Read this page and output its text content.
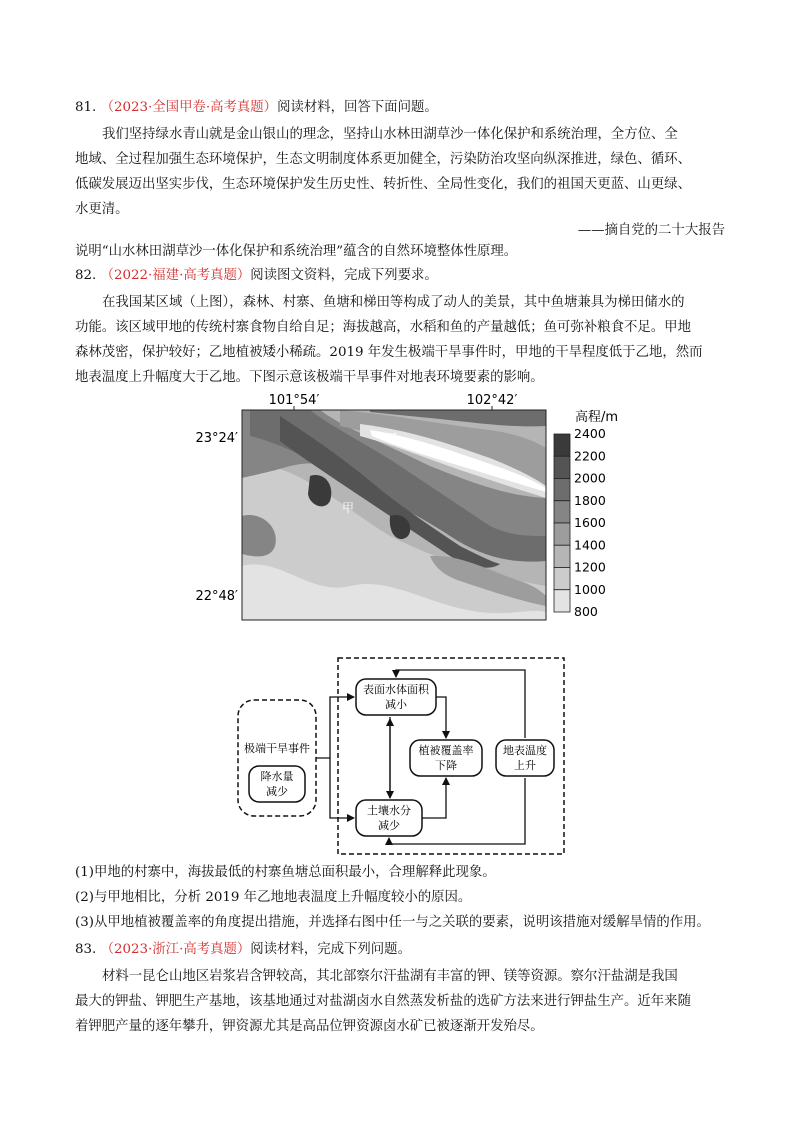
81. （2023·全国甲卷·高考真题）阅读材料，回答下面问题。
我们坚持绿水青山就是金山银山的理念，坚持山水林田湖草沙一体化保护和系统治理，全方位、全
地域、全过程加强生态环境保护，生态文明制度体系更加健全，污染防治攻坚向纵深推进，绿色、循环、
低碳发展迈出坚实步伐，生态环境保护发生历史性、转折性、全局性变化，我们的祖国天更蓝、山更绿、
水更清。
——摘自党的二十大报告
说明“山水林田湖草沙一体化保护和系统治理”蕴含的自然环境整体性原理。
82. （2022·福建·高考真题）阅读图文资料，完成下列要求。
在我国某区域（上图），森林、村寨、鱼塘和梯田等构成了动人的美景，其中鱼塘兼具为梯田储水的
功能。该区域甲地的传统村寨食物自给自足；海拔越高，水稻和鱼的产量越低；鱼可弥补粮食不足。甲地
森林茂密，保护较好；乙地植被矮小稀疏。2019 年发生极端干旱事件时，甲地的干旱程度低于乙地，然而
地表温度上升幅度大于乙地。下图示意该极端干旱事件对地表环境要素的影响。
101°54′	102°42′
23°24′
22°48′
甲
乙
高程/m
2400
2200
2000
1800
1600
1400
1200
1000
800
极端干旱事件
降水量
减少
表面水体面积
减小
植被覆盖率
下降
土壤水分
减少
地表温度
上升
(1)甲地的村寨中，海拔最低的村寨鱼塘总面积最小，合理解释此现象。
(2)与甲地相比，分析 2019 年乙地地表温度上升幅度较小的原因。
(3)从甲地植被覆盖率的角度提出措施，并选择右图中任一与之关联的要素，说明该措施对缓解旱情的作用。
83. （2023·浙江·高考真题）阅读材料，完成下列问题。
材料一昆仑山地区岩浆岩含钾较高，其北部察尔汗盐湖有丰富的钾、镁等资源。察尔汗盐湖是我国
最大的钾盐、钾肥生产基地，该基地通过对盐湖卤水自然蒸发析盐的选矿方法来进行钾盐生产。近年来随
着钾肥产量的逐年攀升，钾资源尤其是高品位钾资源卤水矿已被逐渐开发殆尽。
